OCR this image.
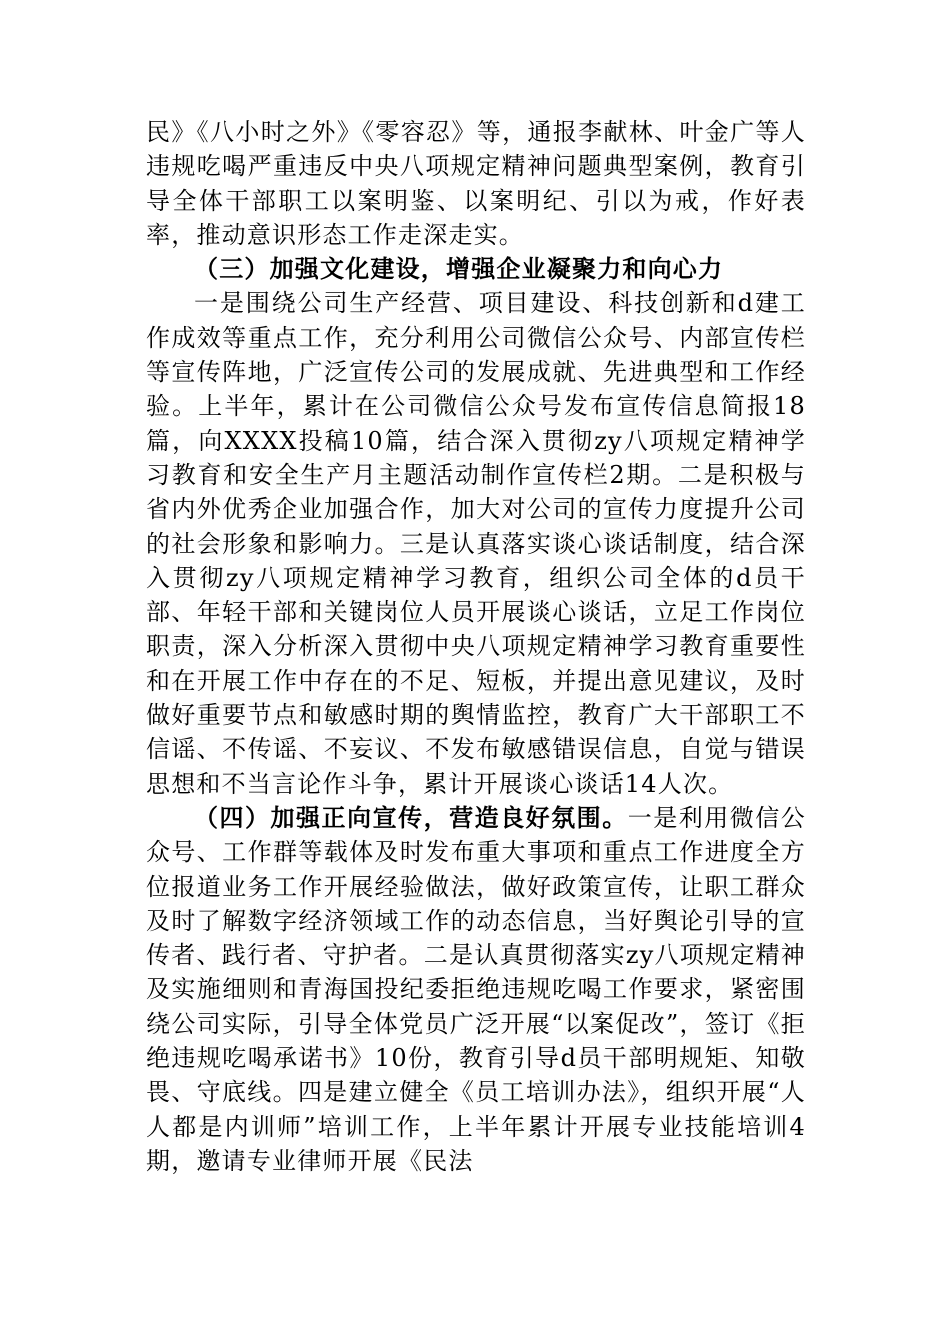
民》《八小时之外》《零容忍》等，通报李献林、叶金广等人违规吃喝严重违反中央八项规定精神问题典型案例，教育引导全体干部职工以案明鉴、以案明纪、引以为戒，作好表率，推动意识形态工作走深走实。

（三）加强文化建设，增强企业凝聚力和向心力

一是围绕公司生产经营、项目建设、科技创新和d建工作成效等重点工作，充分利用公司微信公众号、内部宣传栏等宣传阵地，广泛宣传公司的发展成就、先进典型和工作经验。上半年，累计在公司微信公众号发布宣传信息简报18篇，向XXXX投稿10篇，结合深入贯彻zy八项规定精神学习教育和安全生产月主题活动制作宣传栏2期。二是积极与省内外优秀企业加强合作，加大对公司的宣传力度提升公司的社会形象和影响力。三是认真落实谈心谈话制度，结合深入贯彻zy八项规定精神学习教育，组织公司全体的d员干部、年轻干部和关键岗位人员开展谈心谈话，立足工作岗位职责，深入分析深入贯彻中央八项规定精神学习教育重要性和在开展工作中存在的不足、短板，并提出意见建议，及时做好重要节点和敏感时期的舆情监控，教育广大干部职工不信谣、不传谣、不妄议、不发布敏感错误信息，自觉与错误思想和不当言论作斗争，累计开展谈心谈话14人次。

（四）加强正向宣传，营造良好氛围。一是利用微信公众号、工作群等载体及时发布重大事项和重点工作进度全方位报道业务工作开展经验做法，做好政策宣传，让职工群众及时了解数字经济领域工作的动态信息，当好舆论引导的宣传者、践行者、守护者。二是认真贯彻落实zy八项规定精神及实施细则和青海国投纪委拒绝违规吃喝工作要求，紧密围绕公司实际，引导全体党员广泛开展“以案促改”，签订《拒绝违规吃喝承诺书》10份，教育引导d员干部明规矩、知敬畏、守底线。四是建立健全《员工培训办法》，组织开展“人人都是内训师”培训工作，上半年累计开展专业技能培训4期，邀请专业律师开展《民法
